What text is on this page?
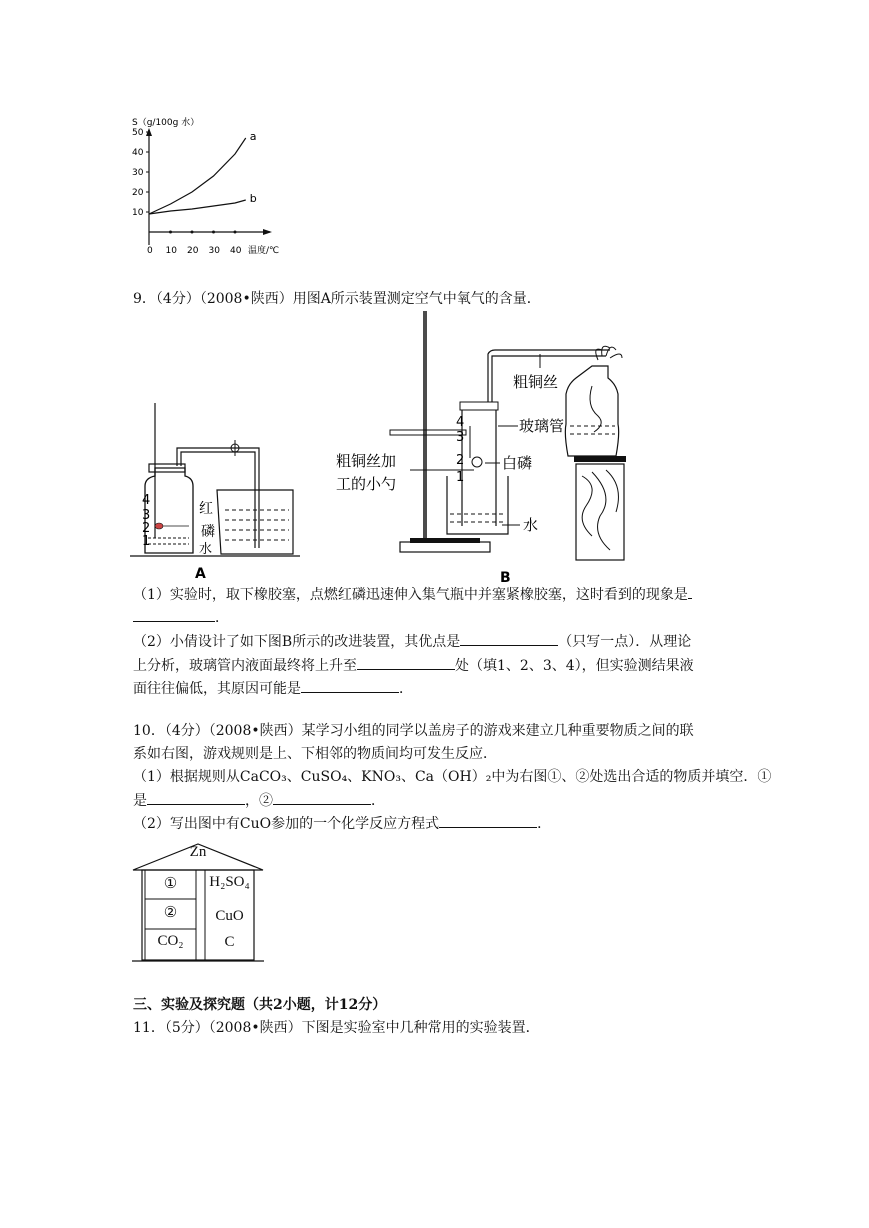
S（g/100g 水）
0 10 20 30 40
10
20
30
40
50	a
b
温度/℃
9．（4分）（2008•陕西）用图A所示装置测定空气中氧气的含量．
4
3
2
1
红
磷
水
A
4
3
2
1
粗铜丝
玻璃管
白磷
粗铜丝加
工的小勺
水
B
（1）实验时，取下橡胶塞，点燃红磷迅速伸入集气瓶中并塞紧橡胶塞，这时看到的现象是
．
（2）小倩设计了如下图B所示的改进装置，其优点是	（只写一点）．从理论
上分析，玻璃管内液面最终将上升至	处（填1、2、3、4），但实验测结果液
面往往偏低，其原因可能是	．
10．（4分）（2008•陕西）某学习小组的同学以盖房子的游戏来建立几种重要物质之间的联
系如右图，游戏规则是上、下相邻的物质间均可发生反应．
（1）根据规则从CaCO₃、CuSO₄、KNO₃、Ca（OH）₂中为右图①、②处选出合适的物质并填空．①
是	，②	．
（2）写出图中有CuO参加的一个化学反应方程式	．
Zn
①
②
CO₂
H₂SO₄
CuO
C
三、实验及探究题（共2小题，计12分）
11．（5分）（2008•陕西）下图是实验室中几种常用的实验装置．
